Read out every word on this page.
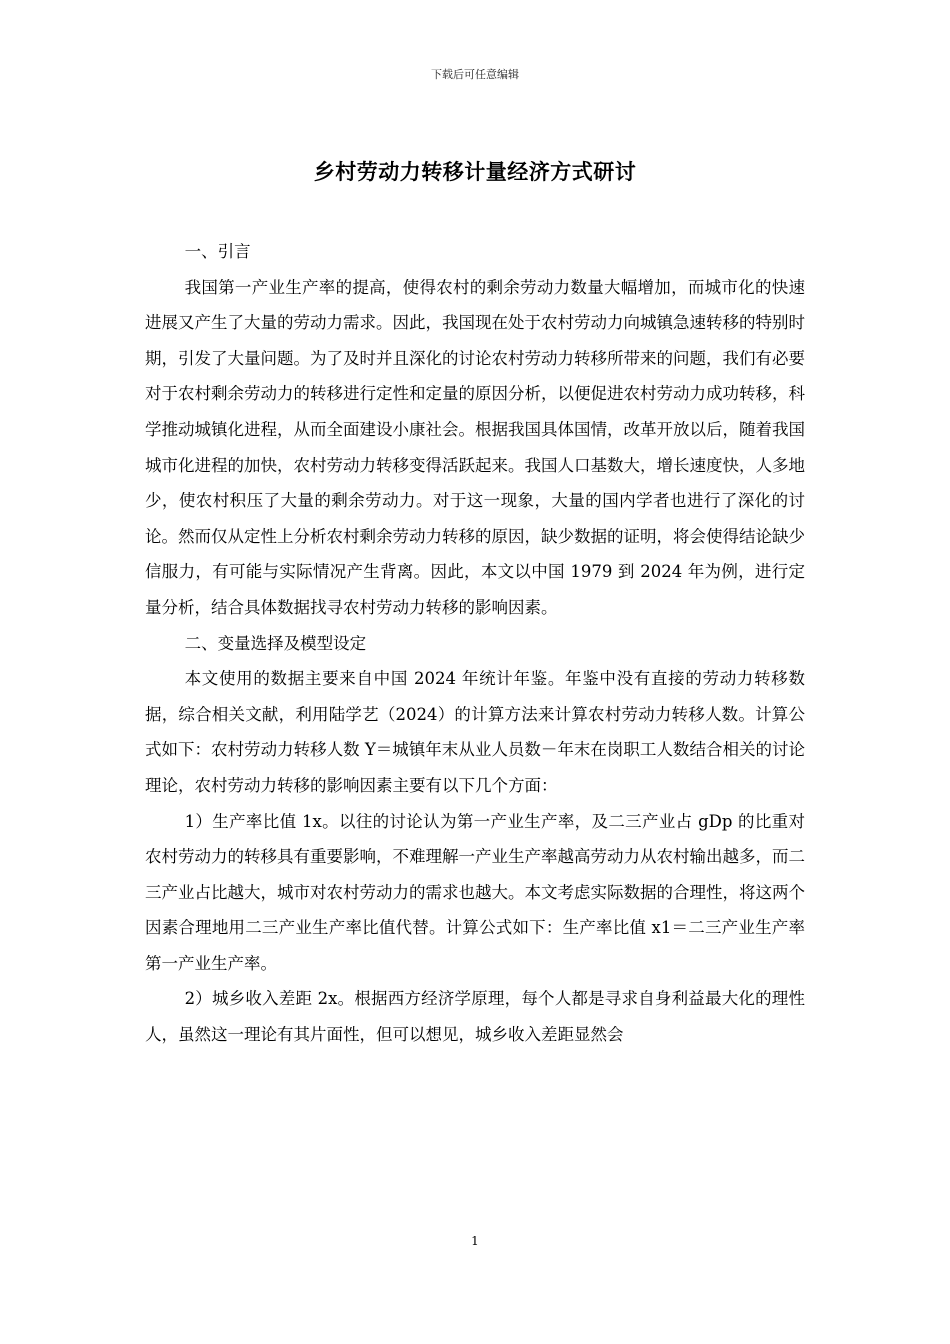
下载后可任意编辑
乡村劳动力转移计量经济方式研讨

一、引言

我国第一产业生产率的提高，使得农村的剩余劳动力数量大幅增加，而城市化的快速进展又产生了大量的劳动力需求。因此，我国现在处于农村劳动力向城镇急速转移的特别时期，引发了大量问题。为了及时并且深化的讨论农村劳动力转移所带来的问题，我们有必要对于农村剩余劳动力的转移进行定性和定量的原因分析，以便促进农村劳动力成功转移，科学推动城镇化进程，从而全面建设小康社会。根据我国具体国情，改革开放以后，随着我国城市化进程的加快，农村劳动力转移变得活跃起来。我国人口基数大，增长速度快，人多地少，使农村积压了大量的剩余劳动力。对于这一现象，大量的国内学者也进行了深化的讨论。然而仅从定性上分析农村剩余劳动力转移的原因，缺少数据的证明，将会使得结论缺少信服力，有可能与实际情况产生背离。因此，本文以中国 1979 到 2024 年为例，进行定量分析，结合具体数据找寻农村劳动力转移的影响因素。

二、变量选择及模型设定

本文使用的数据主要来自中国 2024 年统计年鉴。年鉴中没有直接的劳动力转移数据，综合相关文献，利用陆学艺（2024）的计算方法来计算农村劳动力转移人数。计算公式如下：农村劳动力转移人数 Y＝城镇年末从业人员数－年末在岗职工人数结合相关的讨论理论，农村劳动力转移的影响因素主要有以下几个方面：

1）生产率比值 1x。以往的讨论认为第一产业生产率，及二三产业占 gDp 的比重对农村劳动力的转移具有重要影响，不难理解一产业生产率越高劳动力从农村输出越多，而二三产业占比越大，城市对农村劳动力的需求也越大。本文考虑实际数据的合理性，将这两个因素合理地用二三产业生产率比值代替。计算公式如下：生产率比值 x1＝二三产业生产率第一产业生产率。

2）城乡收入差距 2x。根据西方经济学原理，每个人都是寻求自身利益最大化的理性人，虽然这一理论有其片面性，但可以想见，城乡收入差距显然会

1
